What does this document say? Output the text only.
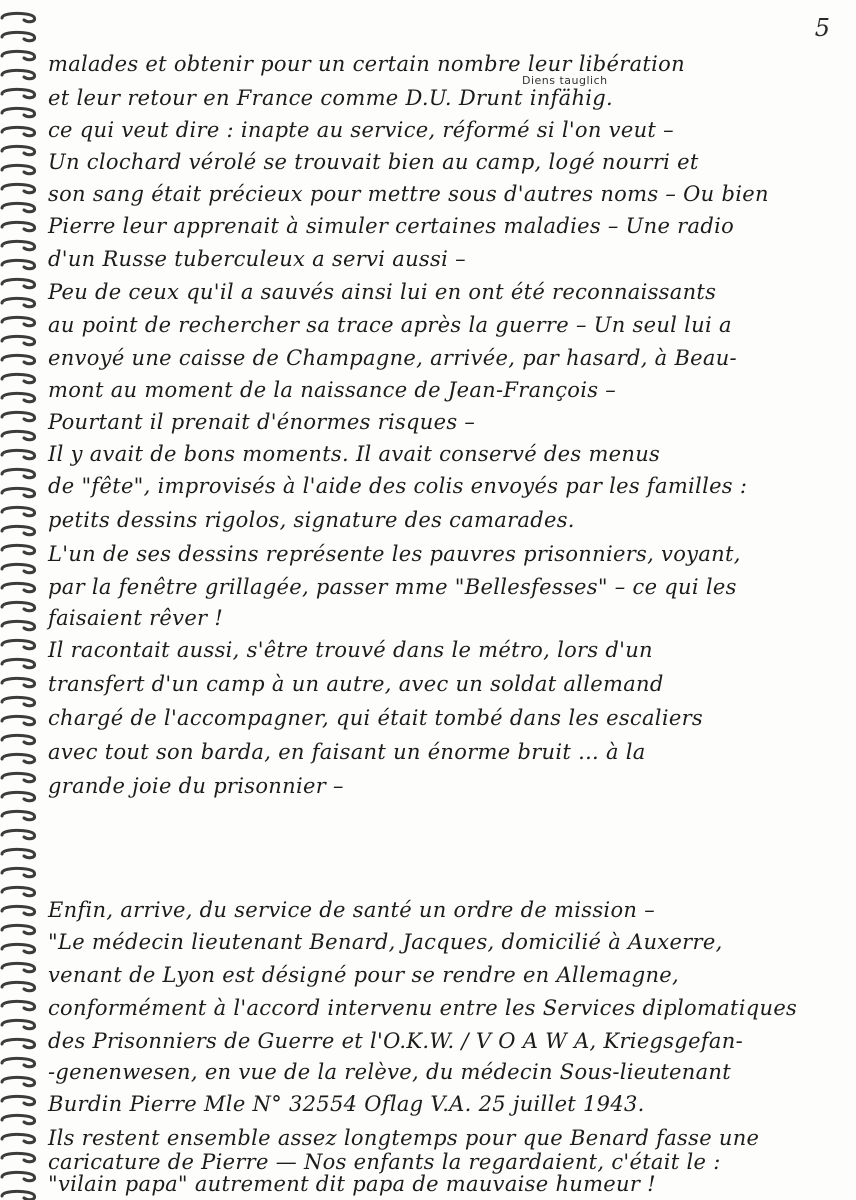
5
Diens tauglich
malades et obtenir pour un certain nombre leur libération
et leur retour en France comme D.U. Drunt infähig.
ce qui veut dire : inapte au service, réformé si l'on veut –
Un clochard vérolé se trouvait bien au camp, logé nourri et
son sang était précieux pour mettre sous d'autres noms – Ou bien
Pierre leur apprenait à simuler certaines maladies – Une radio
d'un Russe tuberculeux a servi aussi –
Peu de ceux qu'il a sauvés ainsi lui en ont été reconnaissants
au point de rechercher sa trace après la guerre – Un seul lui a
envoyé une caisse de Champagne, arrivée, par hasard, à Beau-
mont au moment de la naissance de Jean-François –
Pourtant il prenait d'énormes risques –
Il y avait de bons moments. Il avait conservé des menus
de "fête", improvisés à l'aide des colis envoyés par les familles :
petits dessins rigolos, signature des camarades.
L'un de ses dessins représente les pauvres prisonniers, voyant,
par la fenêtre grillagée, passer mme "Bellesfesses" – ce qui les
faisaient rêver !
Il racontait aussi, s'être trouvé dans le métro, lors d'un
transfert d'un camp à un autre, avec un soldat allemand
chargé de l'accompagner, qui était tombé dans les escaliers
avec tout son barda, en faisant un énorme bruit ... à la
grande joie du prisonnier –
Enfin, arrive, du service de santé un ordre de mission –
"Le médecin lieutenant Benard, Jacques, domicilié à Auxerre,
venant de Lyon est désigné pour se rendre en Allemagne,
conformément à l'accord intervenu entre les Services diplomatiques
des Prisonniers de Guerre et l'O.K.W. / V O A W A, Kriegsgefan-
-genenwesen, en vue de la relève, du médecin Sous-lieutenant
Burdin Pierre Mle N° 32554 Oflag V.A. 25 juillet 1943.
Ils restent ensemble assez longtemps pour que Benard fasse une
caricature de Pierre — Nos enfants la regardaient, c'était le :
"vilain papa" autrement dit papa de mauvaise humeur !
